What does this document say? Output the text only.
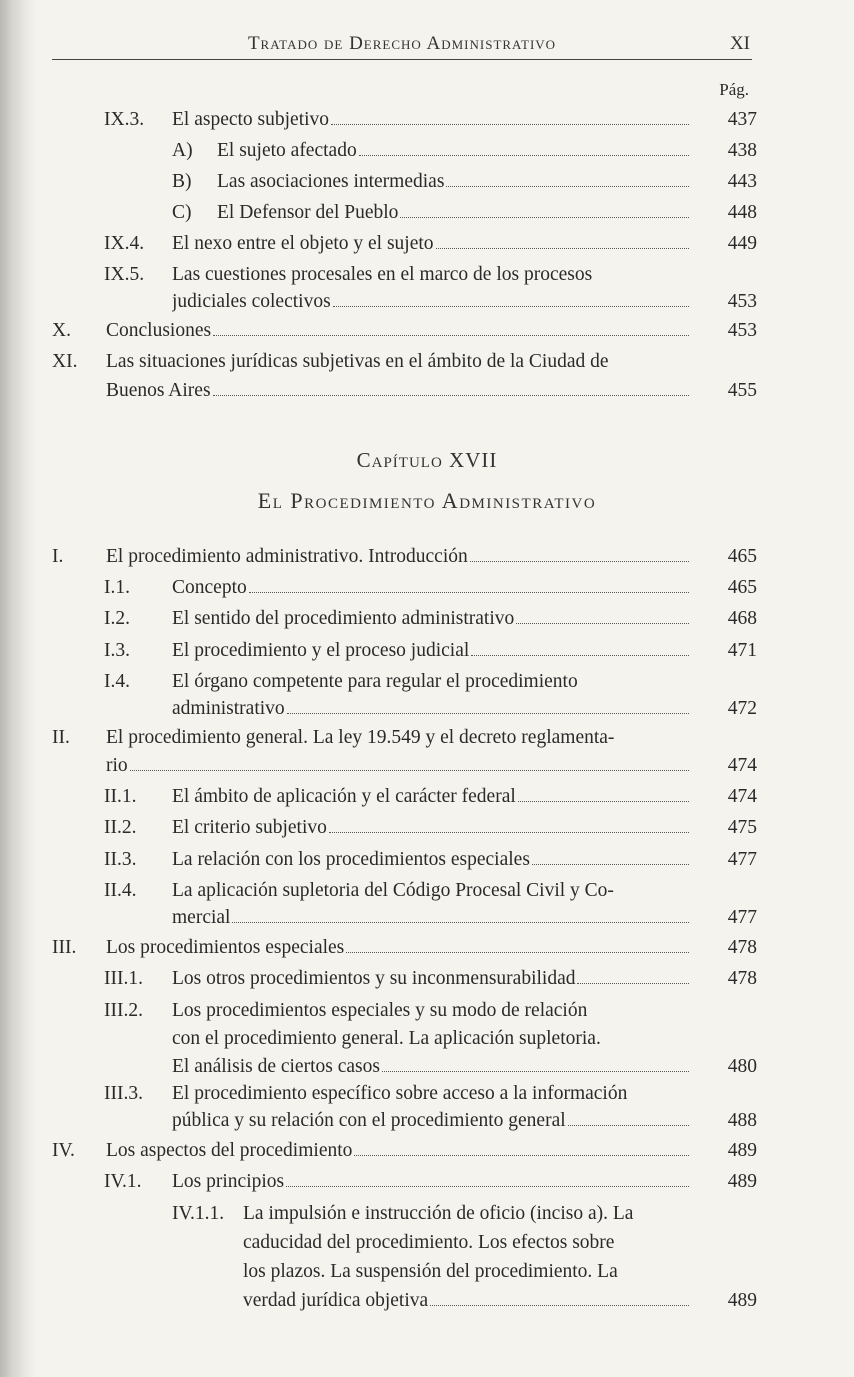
Tratado de Derecho Administrativo	XI
Pág.
Capítulo XVII
El Procedimiento Administrativo
IX.3. El aspecto subjetivo	437
A) El sujeto afectado	438
B) Las asociaciones intermedias	443
C) El Defensor del Pueblo	448
IX.4. El nexo entre el objeto y el sujeto	449
IX.5. Las cuestiones procesales en el marco de los procesos
judiciales colectivos	453
X. Conclusiones	453
XI. Las situaciones jurídicas subjetivas en el ámbito de la Ciudad de
Buenos Aires	455
I. El procedimiento administrativo. Introducción	465
I.1. Concepto	465
I.2. El sentido del procedimiento administrativo	468
I.3. El procedimiento y el proceso judicial	471
I.4. El órgano competente para regular el procedimiento
administrativo	472
II. El procedimiento general. La ley 19.549 y el decreto reglamenta-
rio	474
II.1. El ámbito de aplicación y el carácter federal	474
II.2. El criterio subjetivo	475
II.3. La relación con los procedimientos especiales	477
II.4. La aplicación supletoria del Código Procesal Civil y Co-
mercial	477
III. Los procedimientos especiales	478
III.1. Los otros procedimientos y su inconmensurabilidad	478
III.2. Los procedimientos especiales y su modo de relación
con el procedimiento general. La aplicación supletoria.
El análisis de ciertos casos	480
III.3. El procedimiento específico sobre acceso a la información
pública y su relación con el procedimiento general	488
IV. Los aspectos del procedimiento	489
IV.1. Los principios	489
IV.1.1. La impulsión e instrucción de oficio (inciso a). La
caducidad del procedimiento. Los efectos sobre
los plazos. La suspensión del procedimiento. La
verdad jurídica objetiva	489
